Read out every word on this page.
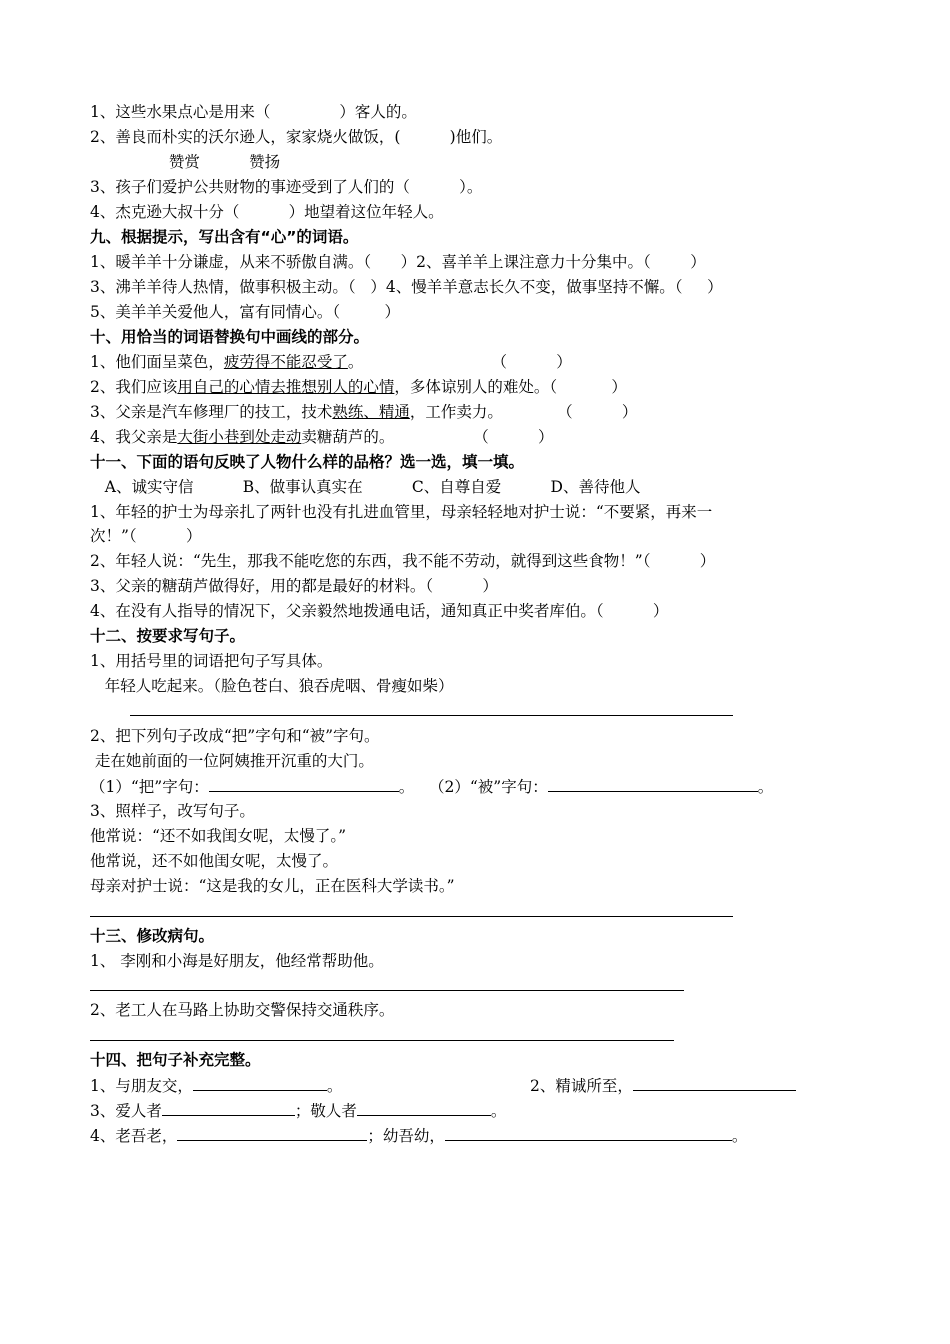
1、这些水果点心是用来（              ）客人的。
2、善良而朴实的沃尔逊人，家家烧火做饭，(          )他们。
赞赏          赞扬
3、孩子们爱护公共财物的事迹受到了人们的（          ）。
4、杰克逊大叔十分（          ）地望着这位年轻人。
九、根据提示，写出含有“心”的词语。
1、暖羊羊十分谦虚，从来不骄傲自满。（      ）2、喜羊羊上课注意力十分集中。（        ）
3、沸羊羊待人热情，做事积极主动。（   ）4、慢羊羊意志长久不变，做事坚持不懈。（     ）
5、美羊羊关爱他人，富有同情心。（         ）
十、用恰当的词语替换句中画线的部分。
1、他们面呈菜色，疲劳得不能忍受了。                          （          ）
2、我们应该用自己的心情去推想别人的心情，多体谅别人的难处。（           ）
3、父亲是汽车修理厂的技工，技术熟练、精通，工作卖力。           （          ）
4、我父亲是大街小巷到处走动卖糖葫芦的。                （          ）
十一、下面的语句反映了人物什么样的品格？选一选，填一填。
A、诚实守信          B、做事认真实在          C、自尊自爱          D、善待他人
1、年轻的护士为母亲扎了两针也没有扎进血管里，母亲轻轻地对护士说：“不要紧，再来一
次！”（          ）
2、年轻人说：“先生，那我不能吃您的东西，我不能不劳动，就得到这些食物！”（          ）
3、父亲的糖葫芦做得好，用的都是最好的材料。（          ）
4、在没有人指导的情况下，父亲毅然地拨通电话，通知真正中奖者库伯。（          ）
十二、按要求写句子。
1、用括号里的词语把句子写具体。
年轻人吃起来。（脸色苍白、狼吞虎咽、骨瘦如柴）
2、把下列句子改成“把”字句和“被”字句。
走在她前面的一位阿姨推开沉重的大门。
（1）“把”字句：	。 （2）“被”字句：	。
3、照样子，改写句子。
他常说：“还不如我闺女呢，太慢了。”
他常说，还不如他闺女呢，太慢了。
母亲对护士说：“这是我的女儿，正在医科大学读书。”
十三、修改病句。
1、 李刚和小海是好朋友，他经常帮助他。
2、老工人在马路上协助交警保持交通秩序。
十四、把句子补充完整。
1、与朋友交，	。	2、精诚所至，
3、爱人者	；敬人者	。
4、老吾老，	；幼吾幼，	。
